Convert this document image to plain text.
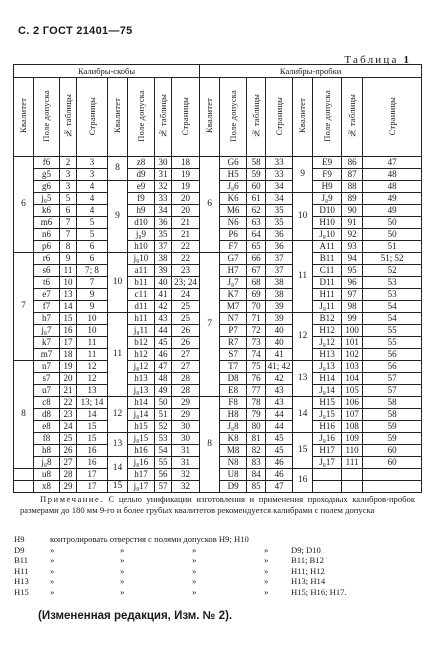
С. 2 ГОСТ 21401—75
Таблица 1
Калибры-скобы								Калибры-пробки							
Квалитет	Поле допуска	№ таблицы	Страницы	Квалитет	Поле допуска	№ таблицы	Страницы	Квалитет	Поле допуска	№ таблицы	Страницы	Квалитет	Поле допуска	№ таблицы	Страницы
6	f6	2	3	8	z8	30	18	6	G6	58	33	9	E9	86	47
	g5	3	3		d9	31	19		H5	59	33		F9	87	48
	g6	3	4	9	e9	32	19		J₈6	60	34		H9	88	48
	j₈5	5	4		f9	33	20		K6	61	34	10	J₈9	89	49
	k6	6	4		h9	34	20		M6	62	35		D10	90	49
	m6	7	5		d10	36	21		N6	63	35		H10	91	50
	n6	7	5		j₈9	35	21		P6	64	36		J₈10	92	50
	p6	8	6		h10	37	22		F7	65	36	11	A11	93	51
7	r6	9	6	10	j₈10	38	22	7	G7	66	37		B11	94	51; 52
	s6	11	7; 8		a11	39	23		H7	67	37		C11	95	52
	t6	10	7		b11	40	23; 24		J₈7	68	38		D11	96	53
	e7	13	9		c11	41	24		K7	69	38		H11	97	53
	f7	14	9		d11	42	25		M7	70	39		J₈11	98	54
	h7	15	10	11	h11	43	25		N7	71	39	12	B12	99	54
	j₈7	16	10		j₈11	44	26		P7	72	40		H12	100	55
	k7	17	11		b12	45	26		R7	73	40		J₈12	101	55
	m7	18	11		h12	46	27		S7	74	41		H13	102	56
8	n7	19	12		j₈12	47	27		T7	75	41; 42	13	J₈13	103	56
	s7	20	12		h13	48	28		D8	76	42		H14	104	57
	u7	21	13		j₈13	49	28		E8	77	43		J₈14	105	57
	c8	22	13; 14	12	h14	50	29	8	F8	78	43	14	H15	106	58
	d8	23	14		j₈14	51	29		H8	79	44		J₈15	107	58
	e8	24	15		h15	52	30		J₈8	80	44		H16	108	59
	f8	25	15	13	j₈15	53	30		K8	81	45	15	J₈16	109	59
	h8	26	16		h16	54	31		M8	82	45		H17	110	60
	j₈8	27	16	14	j₈16	55	31		N8	83	46		J₈17	111	60
	u8	28	17		h17	56	32		U8	84	46	16			
	x8	29	17	15	j₈17	57	32		D9	85	47				
Примечание. С целью унификации изготовления и применения проходных калибров-пробок размерами до 180 мм 9-го и более грубых квалитетов рекомендуется калибрами с полем допуска
H9	контролировать отверстия с полями допусков H9; H10				
D9	»	»	»	»	D9; D10
B11	»	»	»	»	B11; B12
H11	»	»	»	»	H11; H12
H13	»	»	»	»	H13; H14
H15	»	»	»	»	H15; H16; H17.
(Измененная редакция, Изм. № 2).
